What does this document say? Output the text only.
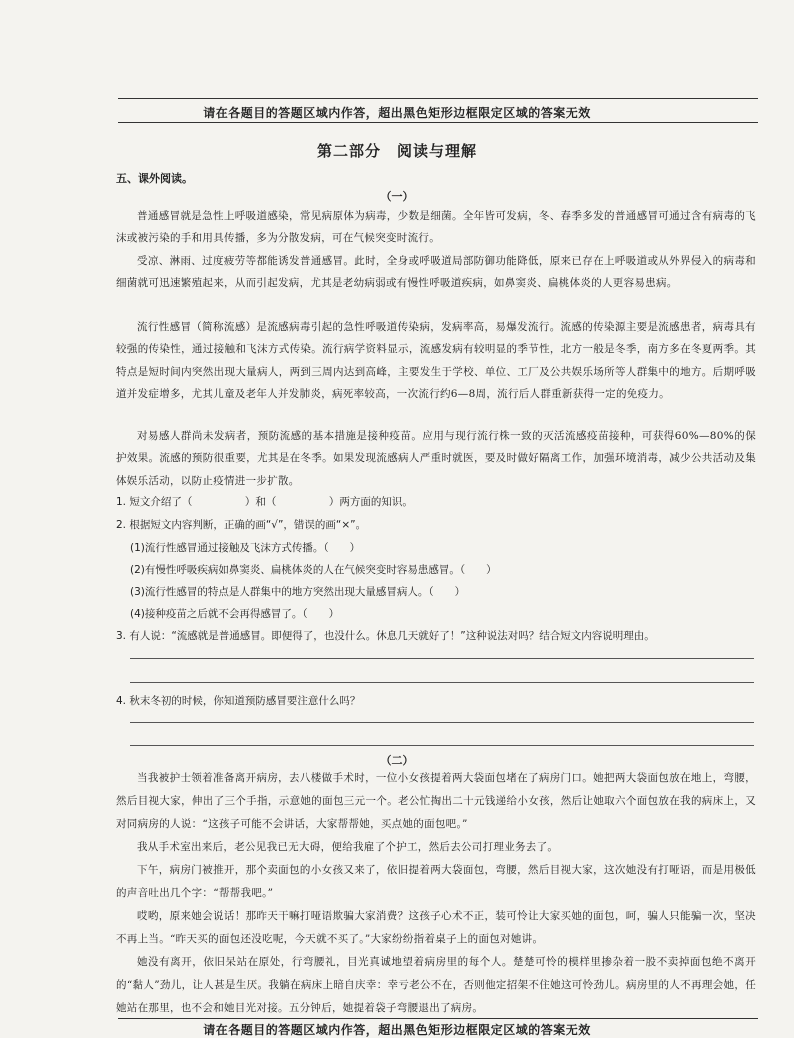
请在各题目的答题区域内作答，超出黑色矩形边框限定区域的答案无效
第二部分　阅读与理解
五、课外阅读。
（一）
普通感冒就是急性上呼吸道感染，常见病原体为病毒，少数是细菌。全年皆可发病，冬、春季多发的普通感冒可通过含有病毒的飞沫或被污染的手和用具传播，多为分散发病，可在气候突变时流行。
受凉、淋雨、过度疲劳等都能诱发普通感冒。此时，全身或呼吸道局部防御功能降低，原来已存在上呼吸道或从外界侵入的病毒和细菌就可迅速繁殖起来，从而引起发病，尤其是老幼病弱或有慢性呼吸道疾病，如鼻窦炎、扁桃体炎的人更容易患病。
流行性感冒（简称流感）是流感病毒引起的急性呼吸道传染病，发病率高，易爆发流行。流感的传染源主要是流感患者，病毒具有较强的传染性，通过接触和飞沫方式传染。流行病学资料显示，流感发病有较明显的季节性，北方一般是冬季，南方多在冬夏两季。其特点是短时间内突然出现大量病人，两到三周内达到高峰，主要发生于学校、单位、工厂及公共娱乐场所等人群集中的地方。后期呼吸道并发症增多，尤其儿童及老年人并发肺炎，病死率较高，一次流行约6—8周，流行后人群重新获得一定的免疫力。
对易感人群尚未发病者，预防流感的基本措施是接种疫苗。应用与现行流行株一致的灭活流感疫苗接种，可获得60%—80%的保护效果。流感的预防很重要，尤其是在冬季。如果发现流感病人严重时就医，要及时做好隔离工作，加强环境消毒，减少公共活动及集体娱乐活动，以防止疫情进一步扩散。
1. 短文介绍了（　　　　　）和（　　　　　）两方面的知识。
2. 根据短文内容判断，正确的画“√”，错误的画“×”。
(1)流行性感冒通过接触及飞沫方式传播。（　　）
(2)有慢性呼吸疾病如鼻窦炎、扁桃体炎的人在气候突变时容易患感冒。（　　）
(3)流行性感冒的特点是人群集中的地方突然出现大量感冒病人。（　　）
(4)接种疫苗之后就不会再得感冒了。（　　）
3. 有人说：“流感就是普通感冒。即便得了，也没什么。休息几天就好了！”这种说法对吗？结合短文内容说明理由。
4. 秋末冬初的时候，你知道预防感冒要注意什么吗？
（二）
当我被护士领着准备离开病房，去八楼做手术时，一位小女孩提着两大袋面包堵在了病房门口。她把两大袋面包放在地上，弯腰，然后目视大家，伸出了三个手指，示意她的面包三元一个。老公忙掏出二十元钱递给小女孩，然后让她取六个面包放在我的病床上，又对同病房的人说：“这孩子可能不会讲话，大家帮帮她，买点她的面包吧。”
我从手术室出来后，老公见我已无大碍，便给我雇了个护工，然后去公司打理业务去了。
下午，病房门被推开，那个卖面包的小女孩又来了，依旧提着两大袋面包，弯腰，然后目视大家，这次她没有打哑语，而是用极低的声音吐出几个字：“帮帮我吧。”
哎哟，原来她会说话！那昨天干嘛打哑语欺骗大家消费？这孩子心术不正，装可怜让大家买她的面包，呵，骗人只能骗一次，坚决不再上当。“昨天买的面包还没吃呢，今天就不买了。”大家纷纷指着桌子上的面包对她讲。
她没有离开，依旧呆站在原处，行弯腰礼，目光真诚地望着病房里的每个人。楚楚可怜的模样里掺杂着一股不卖掉面包绝不离开的“黏人”劲儿，让人甚是生厌。我躺在病床上暗自庆幸：幸亏老公不在，否则他定招架不住她这可怜劲儿。病房里的人不再理会她，任她站在那里，也不会和她目光对接。五分钟后，她提着袋子弯腰退出了病房。
请在各题目的答题区域内作答，超出黑色矩形边框限定区域的答案无效
